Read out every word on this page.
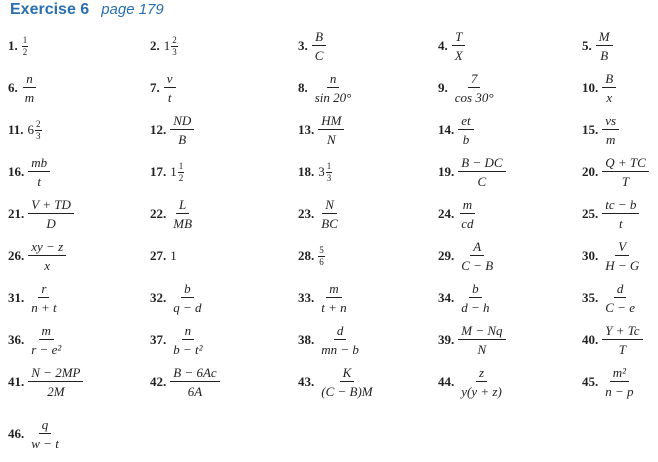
Exercise 6 page 179
1. $\frac{1}{2}$	2. $1 \frac{2}{3}$	3. $\frac{B}{C}$	4. $\frac{T}{X}$	5. $\frac{M}{B}$
6. $\frac{n}{m}$	7. $\frac{v}{t}$	8. $\frac{n}{\sin 20^\circ}$	9. $\frac{7}{\cos 30^\circ}$	10. $\frac{B}{x}$
11. $6 \frac{2}{3}$	12. $\frac{ND}{B}$	13. $\frac{HM}{N}$	14. $\frac{et}{b}$	15. $\frac{vs}{m}$
16. $\frac{mb}{t}$	17. $1 \frac{1}{2}$	18. $3 \frac{1}{3}$	19. $\frac{B - DC}{C}$	20. $\frac{Q + TC}{T}$
21. $\frac{V + TD}{D}$	22. $\frac{L}{MB}$	23. $\frac{N}{BC}$	24. $\frac{m}{cd}$	25. $\frac{tc - b}{t}$
26. $\frac{xy - z}{x}$	27. 1	28. $\frac{5}{6}$	29. $\frac{A}{C - B}$	30. $\frac{V}{H - G}$
31. $\frac{r}{n + t}$	32. $\frac{b}{q - d}$	33. $\frac{m}{t + n}$	34. $\frac{b}{d - h}$	35. $\frac{d}{C - e}$
36. $\frac{m}{\text{r − e²}}$	37. $\frac{n}{\text{b − t²}}$	38. $\frac{d}{mn - b}$	39. $\frac{M - Nq}{N}$	40. $\frac{Y + Tc}{T}$
41. $\frac{N - 2MP}{2M}$	42. $\frac{B - 6Ac}{6A}$	43. $\frac{K}{(C - B)M}$	44. $\frac{z}{y(y + z)}$	45. $\frac{\text{m²}}{n - p}$
46. $\frac{q}{w - t}$
